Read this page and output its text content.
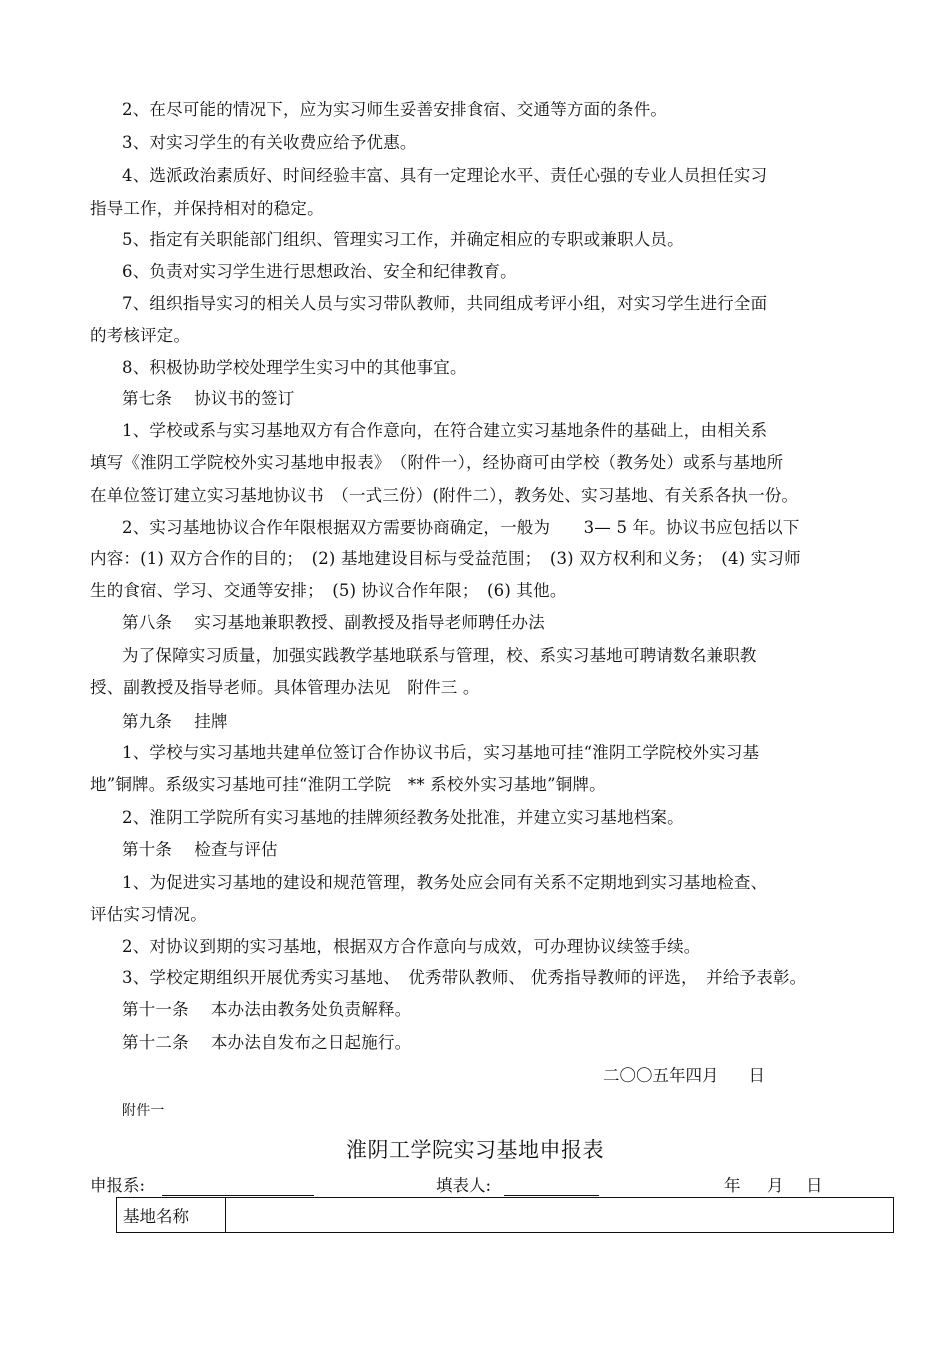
2、在尽可能的情况下，应为实习师生妥善安排食宿、交通等方面的条件。
3、对实习学生的有关收费应给予优惠。
4、选派政治素质好、时间经验丰富、具有一定理论水平、责任心强的专业人员担任实习
指导工作，并保持相对的稳定。
5、指定有关职能部门组织、管理实习工作，并确定相应的专职或兼职人员。
6、负责对实习学生进行思想政治、安全和纪律教育。
7、组织指导实习的相关人员与实习带队教师，共同组成考评小组，对实习学生进行全面
的考核评定。
8、积极协助学校处理学生实习中的其他事宜。
第七条　 协议书的签订
1、学校或系与实习基地双方有合作意向，在符合建立实习基地条件的基础上，由相关系
填写《淮阴工学院校外实习基地申报表》　（附件一），经协商可由学校（教务处）或系与基地所
在单位签订建立实习基地协议书　（一式三份）(附件二），教务处、实习基地、有关系各执一份。
2、实习基地协议合作年限根据双方需要协商确定，一般为　　3— 5 年。协议书应包括以下
内容：(1) 双方合作的目的；　(2) 基地建设目标与受益范围；　(3) 双方权利和义务；　(4) 实习师
生的食宿、学习、交通等安排；　(5) 协议合作年限；　(6) 其他。
第八条　 实习基地兼职教授、副教授及指导老师聘任办法
为了保障实习质量，加强实践教学基地联系与管理，校、系实习基地可聘请数名兼职教
授、副教授及指导老师。具体管理办法见　附件三 。
第九条　 挂牌
1、学校与实习基地共建单位签订合作协议书后，实习基地可挂“淮阴工学院校外实习基
地”铜牌。系级实习基地可挂“淮阴工学院　** 系校外实习基地”铜牌。
2、淮阴工学院所有实习基地的挂牌须经教务处批准，并建立实习基地档案。
第十条　 检查与评估
1、为促进实习基地的建设和规范管理，教务处应会同有关系不定期地到实习基地检查、
评估实习情况。
2、对协议到期的实习基地，根据双方合作意向与成效，可办理协议续签手续。
3、学校定期组织开展优秀实习基地、　优秀带队教师、 优秀指导教师的评选，　并给予表彰。
第十一条　 本办法由教务处负责解释。
第十二条　 本办法自发布之日起施行。
二〇〇五年四月 日
附件一
淮阴工学院实习基地申报表
申报系:	填表人:	年 月 日
基地名称	
